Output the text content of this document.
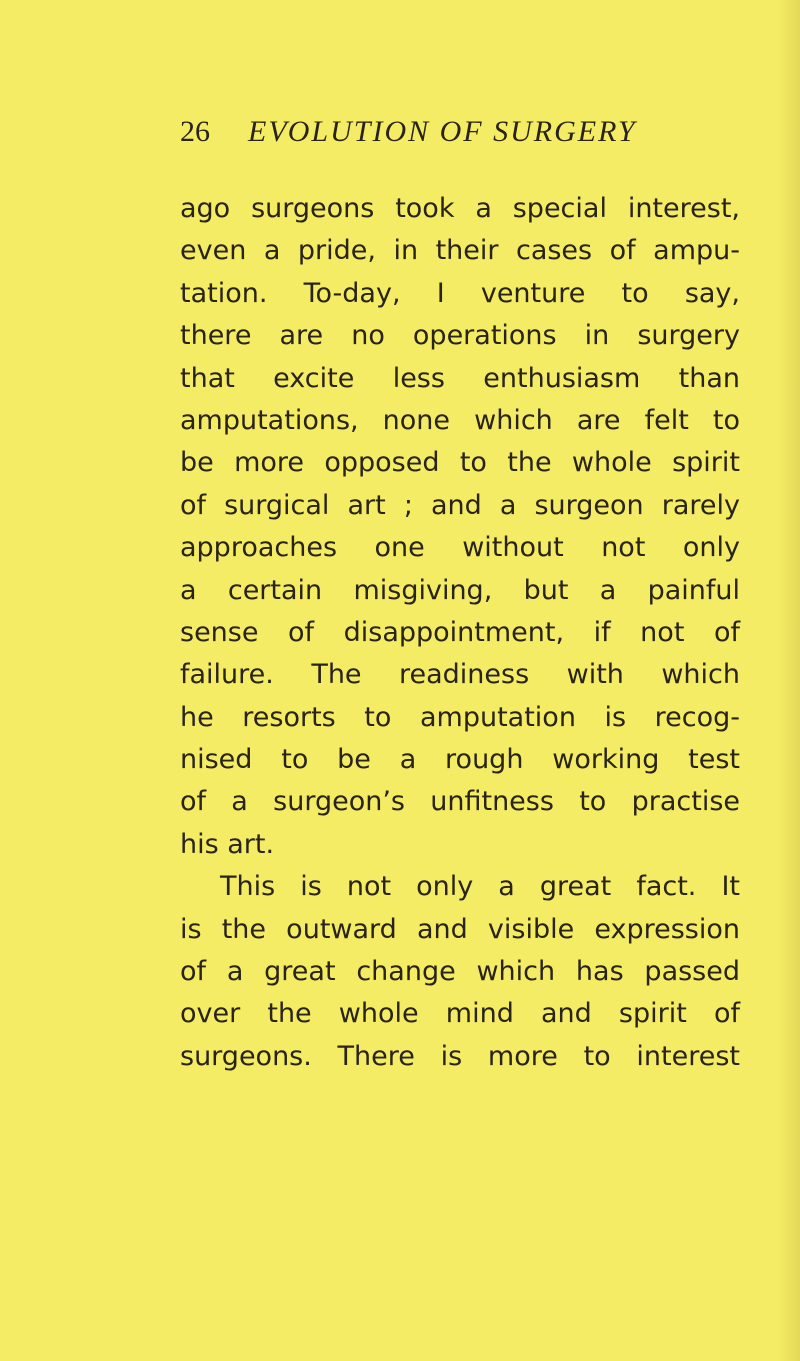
26 EVOLUTION OF SURGERY
ago surgeons took a special interest,
even a pride, in their cases of ampu-
tation. To-day, I venture to say,
there are no operations in surgery
that excite less enthusiasm than
amputations, none which are felt to
be more opposed to the whole spirit
of surgical art ; and a surgeon rarely
approaches one without not only
a certain misgiving, but a painful
sense of disappointment, if not of
failure. The readiness with which
he resorts to amputation is recog-
nised to be a rough working test
of a surgeon’s unfitness to practise
his art.
This is not only a great fact. It
is the outward and visible expression
of a great change which has passed
over the whole mind and spirit of
surgeons. There is more to interest
